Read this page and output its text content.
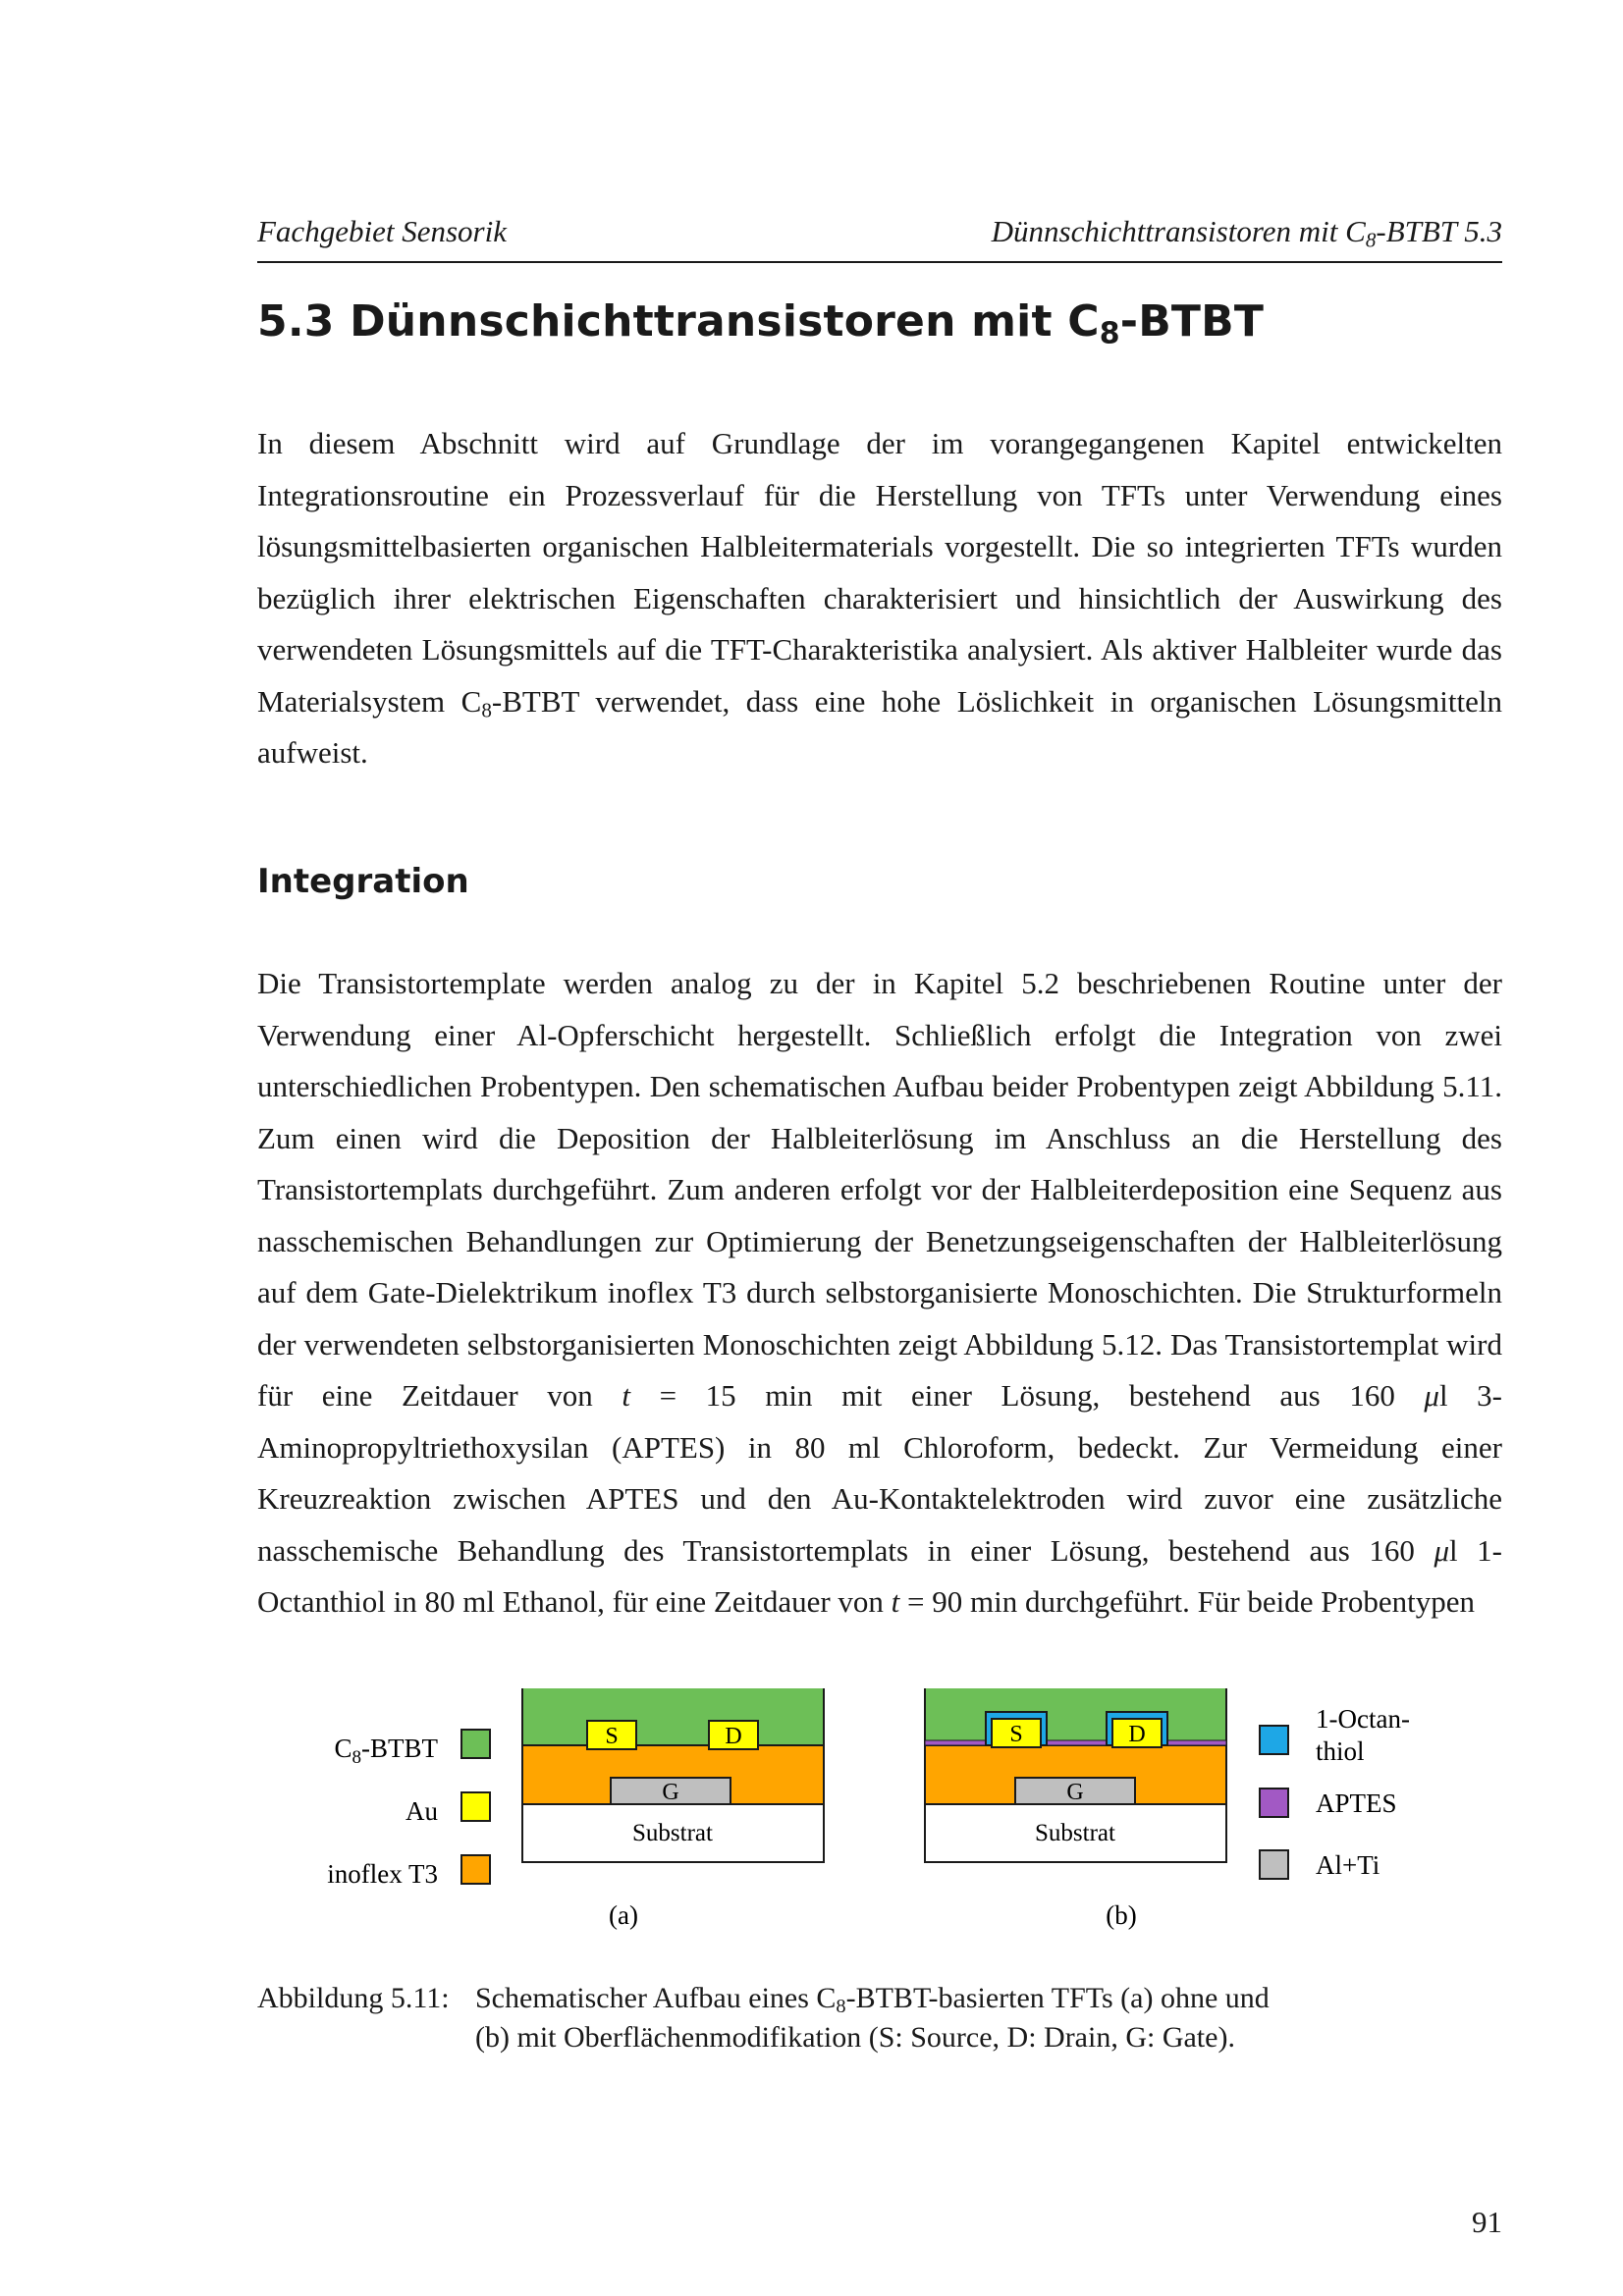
Fachgebiet Sensorik	Dünnschichttransistoren mit $C_8$-BTBT 5.3
5.3 Dünnschichttransistoren mit $C_8$-BTBT

In diesem Abschnitt wird auf Grundlage der im vorangegangenen Kapitel entwickelten Integrationsroutine ein Prozessverlauf für die Herstellung von TFTs unter Verwendung eines lösungsmittelbasierten organischen Halbleitermaterials vorgestellt. Die so integrierten TFTs wurden bezüglich ihrer elektrischen Eigenschaften charakterisiert und hinsichtlich der Auswirkung des verwendeten Lösungsmittels auf die TFT-Charakteristika analysiert. Als aktiver Halbleiter wurde das Materialsystem $C_8$-BTBT verwendet, dass eine hohe Löslichkeit in organischen Lösungsmitteln aufweist.

Integration

Die Transistortemplate werden analog zu der in Kapitel 5.2 beschriebenen Routine unter der Verwendung einer Al-Opferschicht hergestellt. Schließlich erfolgt die Integration von zwei unterschiedlichen Probentypen. Den schematischen Aufbau beider Probentypen zeigt Abbildung 5.11. Zum einen wird die Deposition der Halbleiterlösung im Anschluss an die Herstellung des Transistortemplats durchgeführt. Zum anderen erfolgt vor der Halbleiterdeposition eine Sequenz aus nasschemischen Behandlungen zur Optimierung der Benetzungseigenschaften der Halbleiterlösung auf dem Gate-Dielektrikum inoflex T3 durch selbstorganisierte Monoschichten. Die Strukturformeln der verwendeten selbstorganisierten Monoschichten zeigt Abbildung 5.12. Das Transistortemplat wird für eine Zeitdauer von t = 15 min mit einer Lösung, bestehend aus 160 μl 3-Aminopropyltriethoxysilan (APTES) in 80 ml Chloroform, bedeckt. Zur Vermeidung einer Kreuzreaktion zwischen APTES und den Au-Kontaktelektroden wird zuvor eine zusätzliche nasschemische Behandlung des Transistortemplats in einer Lösung, bestehend aus 160 μl 1-Octanthiol in 80 ml Ethanol, für eine Zeitdauer von t = 90 min durchgeführt. Für beide Probentypen

$C_8$-BTBT
Au
inoflex T3
S	D
G
Substrat
(a)
S	D
G
Substrat
(b)
1-Octan-
thiol
APTES
Al+Ti
Abbildung 5.11: Schematischer Aufbau eines $C_8-BTBT$-basierten TFTs (a) ohne und
(b) mit Oberflächenmodifikation (S: Source, D: Drain, G: Gate).
91
